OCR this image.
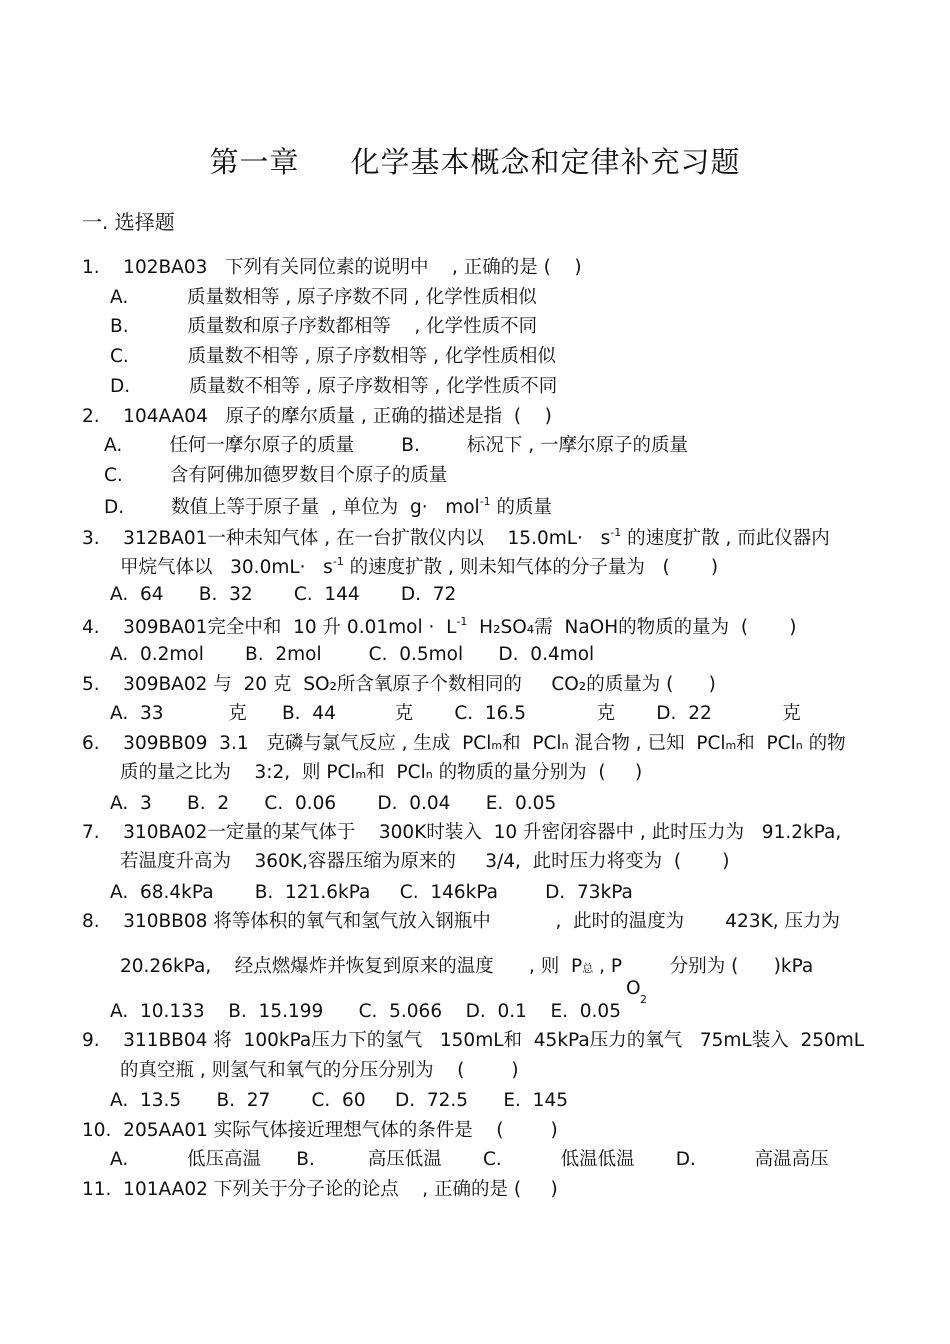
第一章     化学基本概念和定律补充习题
一. 选择题
1.    102BA03   下列有关同位素的说明中    , 正确的是 (    )
A.          质量数相等 , 原子序数不同 , 化学性质相似
B.          质量数和原子序数都相等    , 化学性质不同
C.          质量数不相等 , 原子序数相等 , 化学性质相似
D.          质量数不相等 , 原子序数相等 , 化学性质不同
2.    104AA04   原子的摩尔质量 , 正确的描述是指  (    )
A.        任何一摩尔原子的质量        B.        标况下 , 一摩尔原子的质量
C.        含有阿佛加德罗数目个原子的质量
D.        数值上等于原子量  , 单位为  g·   mol$^{-1}$ 的质量
3.    312BA01一种未知气体 , 在一台扩散仪内以    $15.0mL\cdot s^{-1}$ 的速度扩散 , 而此仪器内
甲烷气体以   $30.0mL\cdot s^{-1}$ 的速度扩散 , 则未知气体的分子量为   (       )
A.  64      B.  32       C.  144       D.  72
4.    309BA01完全中和  10 升 $0.01mol \cdot L^{-1}$  H₂SO₄需  NaOH的物质的量为  (       )
A.  0.2mol       B.  2mol        C.  0.5mol      D.  0.4mol
5.    309BA02 与  20 克  SO₂所含氧原子个数相同的     CO₂的质量为 (      )
A.  33           克      B.  44          克       C.  16.5            克       D.  22            克
6.    309BB09  3.1   克磷与氯气反应 , 生成  PClm和  PCln 混合物 , 已知  PClm和  PCln 的物
质的量之比为    3:2,  则 PClm和  PCln 的物质的量分别为  (     )
A.  3      B.  2      C.  0.06       D.  0.04      E.  0.05
7.    310BA02一定量的某气体于    300K时装入  10 升密闭容器中 , 此时压力为   91.2kPa,
若温度升高为    360K,容器压缩为原来的     3/4,  此时压力将变为  (       )
A.  68.4kPa       B.  121.6kPa     C.  146kPa        D.  73kPa
8.    310BB08 将等体积的氧气和氢气放入钢瓶中           ,  此时的温度为       423K, 压力为
20.26kPa,    经点燃爆炸并恢复到原来的温度      , 则  P总 , P
O
2
分别为 (      )kPa
A.  10.133    B.  15.199      C.  5.066    D.  0.1    E.  0.05
9.    311BB04 将  100kPa压力下的氢气   150mL和  45kPa压力的氧气   75mL装入  250mL
的真空瓶 , 则氢气和氧气的分压分别为    (        )
A.  13.5      B.  27       C.  60     D.  72.5      E.  145
10.  205AA01 实际气体接近理想气体的条件是    (        )
A.          低压高温      B.         高压低温       C.          低温低温       D.          高温高压
11.  101AA02 下列关于分子论的论点    , 正确的是 (     )
